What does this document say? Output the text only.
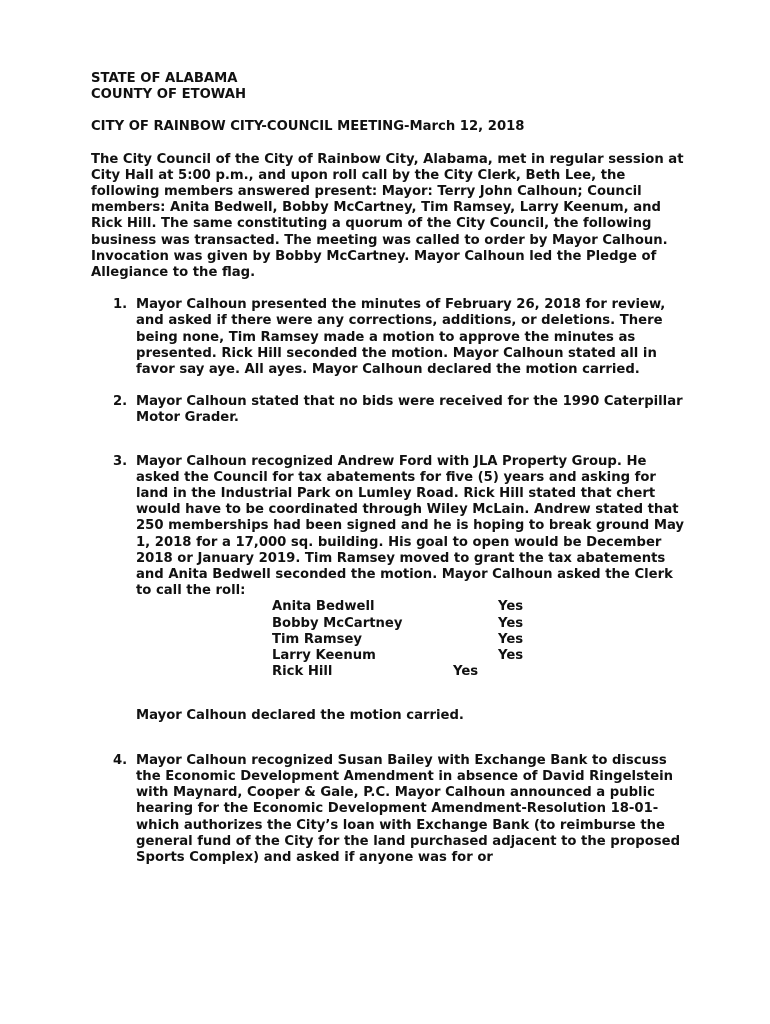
STATE OF ALABAMA
COUNTY OF ETOWAH
CITY OF RAINBOW CITY-COUNCIL MEETING-March 12, 2018

The City Council of the City of Rainbow City, Alabama, met in regular session at City Hall at 5:00 p.m., and upon roll call by the City Clerk, Beth Lee, the following members answered present: Mayor: Terry John Calhoun; Council members: Anita Bedwell, Bobby McCartney, Tim Ramsey, Larry Keenum, and Rick Hill. The same constituting a quorum of the City Council, the following business was transacted. The meeting was called to order by Mayor Calhoun. Invocation was given by Bobby McCartney. Mayor Calhoun led the Pledge of Allegiance to the flag.

1. Mayor Calhoun presented the minutes of February 26, 2018 for review, and asked if there were any corrections, additions, or deletions. There being none, Tim Ramsey made a motion to approve the minutes as presented. Rick Hill seconded the motion. Mayor Calhoun stated all in favor say aye. All ayes. Mayor Calhoun declared the motion carried.
2. Mayor Calhoun stated that no bids were received for the 1990 Caterpillar Motor Grader.
3. Mayor Calhoun recognized Andrew Ford with JLA Property Group. He asked the Council for tax abatements for five (5) years and asking for land in the Industrial Park on Lumley Road. Rick Hill stated that chert would have to be coordinated through Wiley McLain. Andrew stated that 250 memberships had been signed and he is hoping to break ground May 1, 2018 for a 17,000 sq. building. His goal to open would be December 2018 or January 2019. Tim Ramsey moved to grant the tax abatements and Anita Bedwell seconded the motion. Mayor Calhoun asked the Clerk to call the roll:
Anita Bedwell	Yes
Bobby McCartney	Yes
Tim Ramsey	Yes
Larry Keenum	Yes
Rick Hill	Yes
Mayor Calhoun declared the motion carried.
4. Mayor Calhoun recognized Susan Bailey with Exchange Bank to discuss the Economic Development Amendment in absence of David Ringelstein with Maynard, Cooper & Gale, P.C. Mayor Calhoun announced a public hearing for the Economic Development Amendment-Resolution 18-01-which authorizes the City’s loan with Exchange Bank (to reimburse the general fund of the City for the land purchased adjacent to the proposed Sports Complex) and asked if anyone was for or
